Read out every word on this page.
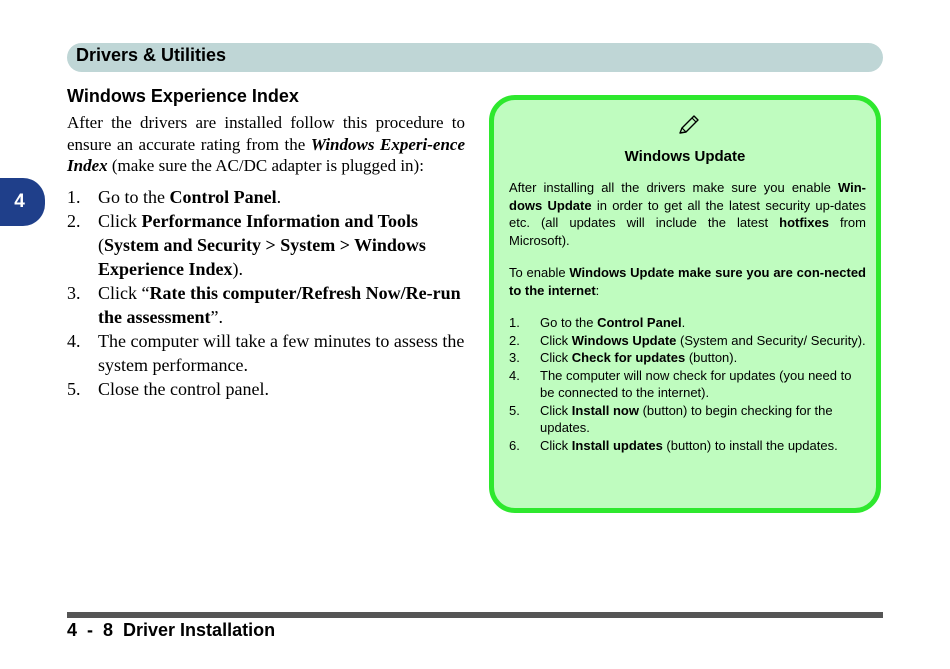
Drivers & Utilities
4
Windows Experience Index

After the drivers are installed follow this procedure to ensure an accurate rating from the Windows Experi-ence Index (make sure the AC/DC adapter is plugged in):

1. Go to the Control Panel.
2. Click Performance Information and Tools (System and Security > System > Windows Experience Index).
3. Click “Rate this computer/Refresh Now/Re-run the assessment”.
4. The computer will take a few minutes to assess the system performance.
5. Close the control panel.
Windows Update

After installing all the drivers make sure you enable Win-dows Update in order to get all the latest security up-dates etc. (all updates will include the latest hotfixes from Microsoft).

To enable Windows Update make sure you are con-nected to the internet:

1.	Go to the Control Panel.
2.	Click Windows Update (System and Security/ Security).
3.	Click Check for updates (button).
4.	The computer will now check for updates (you need to be connected to the internet).
5.	Click Install now (button) to begin checking for the updates.
6.	Click Install updates (button) to install the updates.
4  -  8  Driver Installation
